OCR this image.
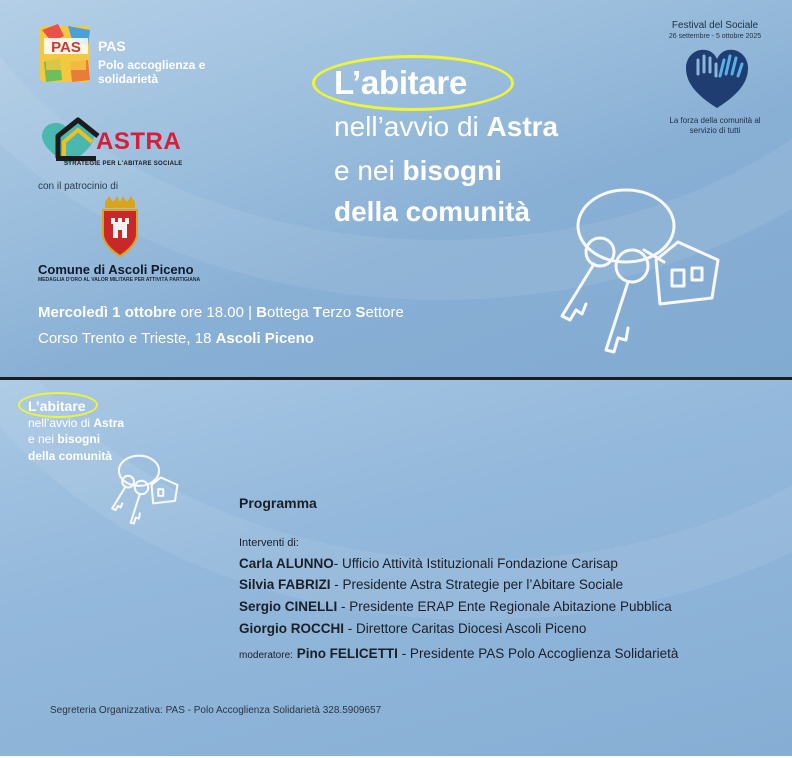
PAS PAS
Polo accoglienza e solidarietà
ASTRA
STRATEGIE PER L'ABITARE SOCIALE
con il patrocinio di
Comune di Ascoli Piceno
MEDAGLIA D'ORO AL VALOR MILITARE PER ATTIVITÀ PARTIGIANA
Mercoledì 1 ottobre ore 18.00 | Bottega Terzo Settore
Corso Trento e Trieste, 18 Ascoli Piceno
L’abitare
nell’avvio di Astra
e nei bisogni
della comunità
Festival del Sociale
26 settembre - 5 ottobre 2025
La forza della comunità al servizio di tutti
L’abitare
nell’avvio di Astra
e nei bisogni
della comunità
Programma
Interventi di:
Carla ALUNNO- Ufficio Attività Istituzionali Fondazione Carisap
Silvia FABRIZI - Presidente Astra Strategie per l’Abitare Sociale
Sergio CINELLI - Presidente ERAP Ente Regionale Abitazione Pubblica
Giorgio ROCCHI - Direttore Caritas Diocesi Ascoli Piceno
moderatore: Pino FELICETTI - Presidente PAS Polo Accoglienza Solidarietà
Segreteria Organizzativa: PAS - Polo Accoglienza Solidarietà 328.5909657
